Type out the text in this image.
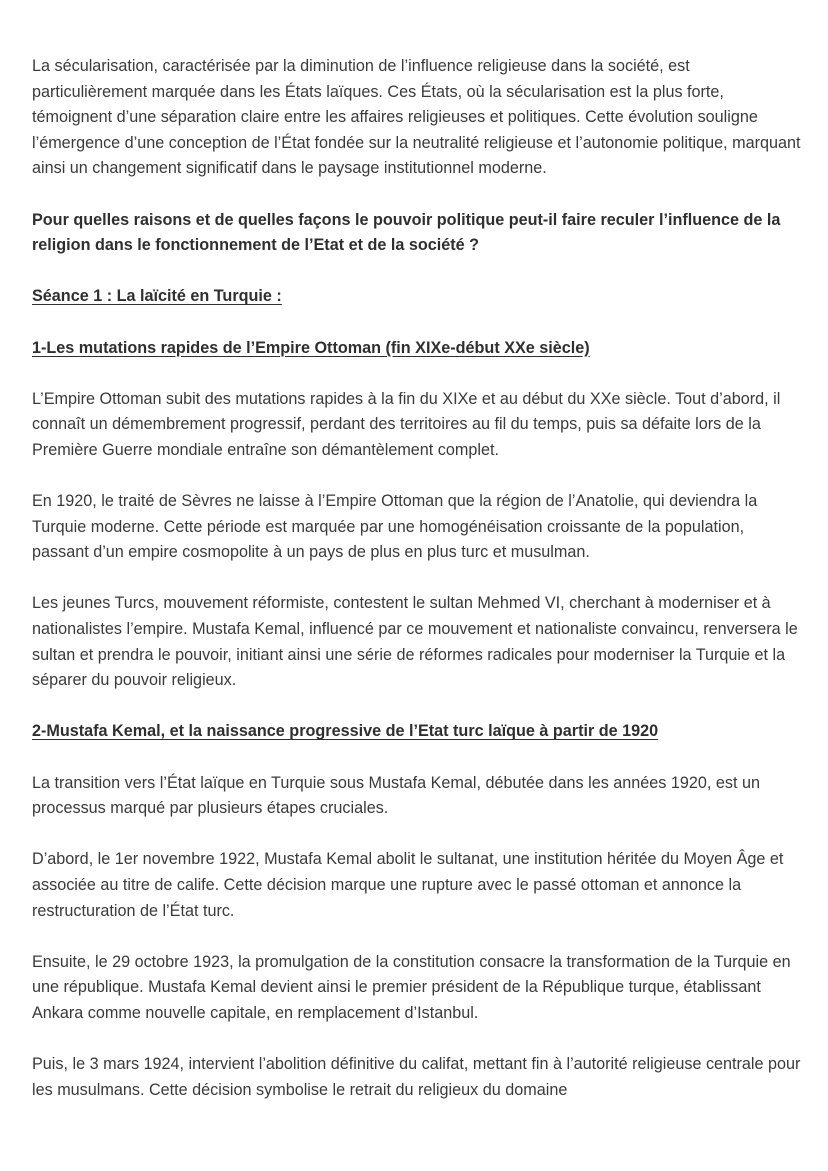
La sécularisation, caractérisée par la diminution de l’influence religieuse dans la société, est particulièrement marquée dans les États laïques. Ces États, où la sécularisation est la plus forte, témoignent d’une séparation claire entre les affaires religieuses et politiques. Cette évolution souligne l’émergence d’une conception de l’État fondée sur la neutralité religieuse et l’autonomie politique, marquant ainsi un changement significatif dans le paysage institutionnel moderne.

Pour quelles raisons et de quelles façons le pouvoir politique peut-il faire reculer l’influence de la religion dans le fonctionnement de l’Etat et de la société ?

Séance 1 : La laïcité en Turquie :

1-Les mutations rapides de l’Empire Ottoman (fin XIXe-début XXe siècle)

L’Empire Ottoman subit des mutations rapides à la fin du XIXe et au début du XXe siècle. Tout d’abord, il connaît un démembrement progressif, perdant des territoires au fil du temps, puis sa défaite lors de la Première Guerre mondiale entraîne son démantèlement complet.

En 1920, le traité de Sèvres ne laisse à l’Empire Ottoman que la région de l’Anatolie, qui deviendra la Turquie moderne. Cette période est marquée par une homogénéisation croissante de la population, passant d’un empire cosmopolite à un pays de plus en plus turc et musulman.

Les jeunes Turcs, mouvement réformiste, contestent le sultan Mehmed VI, cherchant à moderniser et à nationalistes l’empire. Mustafa Kemal, influencé par ce mouvement et nationaliste convaincu, renversera le sultan et prendra le pouvoir, initiant ainsi une série de réformes radicales pour moderniser la Turquie et la séparer du pouvoir religieux.

2-Mustafa Kemal, et la naissance progressive de l’Etat turc laïque à partir de 1920

La transition vers l’État laïque en Turquie sous Mustafa Kemal, débutée dans les années 1920, est un processus marqué par plusieurs étapes cruciales.

D’abord, le 1er novembre 1922, Mustafa Kemal abolit le sultanat, une institution héritée du Moyen Âge et associée au titre de calife. Cette décision marque une rupture avec le passé ottoman et annonce la restructuration de l’État turc.

Ensuite, le 29 octobre 1923, la promulgation de la constitution consacre la transformation de la Turquie en une république. Mustafa Kemal devient ainsi le premier président de la République turque, établissant Ankara comme nouvelle capitale, en remplacement d’Istanbul.

Puis, le 3 mars 1924, intervient l’abolition définitive du califat, mettant fin à l’autorité religieuse centrale pour les musulmans. Cette décision symbolise le retrait du religieux du domaine
